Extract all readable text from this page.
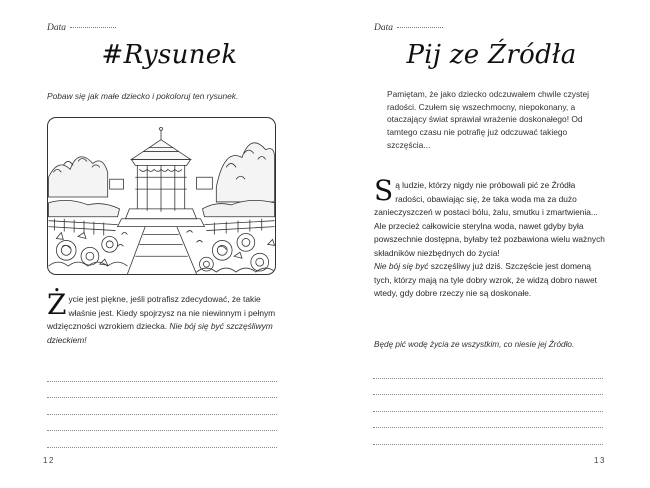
Data
#Rysunek
Pobaw się jak małe dziecko i pokoloruj ten rysunek.
Ż ycie jest piękne, jeśli potrafisz zdecydować, że takie właśnie jest. Kiedy spojrzysz na nie niewinnym i pełnym wdzięczności wzrokiem dziecka. Nie bój się być szczęśliwym dzieckiem!
12
Data
Pij ze Źródła
Pamiętam, że jako dziecko odczuwałem chwile czystej radości. Czułem się wszechmocny, niepokonany, a otaczający świat sprawiał wrażenie doskonałego! Od tamtego czasu nie potrafię już odczuwać takiego szczęścia...
S ą ludzie, którzy nigdy nie próbowali pić ze Źródła radości, obawiając się, że taka woda ma za dużo zanieczyszczeń w postaci bólu, żalu, smutku i zmartwienia... Ale przecież całkowicie sterylna woda, nawet gdyby była powszechnie dostępna, byłaby też pozbawiona wielu ważnych składników niezbędnych do życia!
Nie bój się być szczęśliwy już dziś. Szczęście jest domeną tych, którzy mają na tyle dobry wzrok, że widzą dobro nawet wtedy, gdy dobre rzeczy nie są doskonałe.
Będę pić wodę życia ze wszystkim, co niesie jej Źródło.
13
